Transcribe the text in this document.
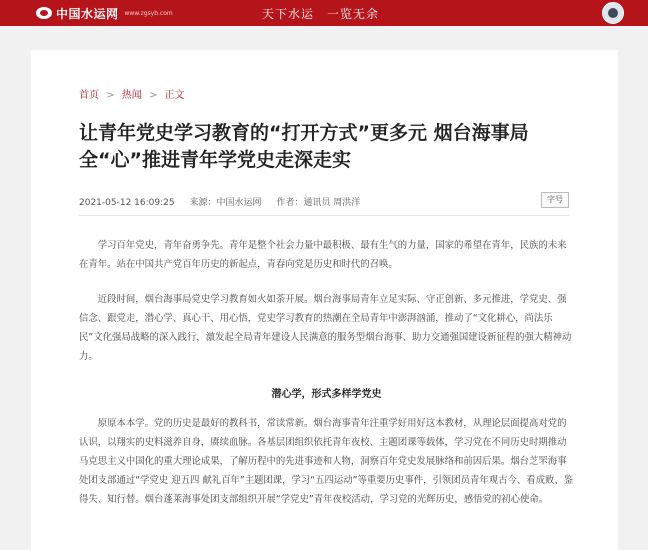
中国水运网 www.zgsyb.com	天下水运　一览无余
首页 > 热闻 > 正文
让青年党史学习教育的“打开方式”更多元 烟台海事局全“心”推进青年学党史走深走实
2021-05-12 16:09:25 来源：中国水运网 作者：通讯员 周洪洋	字号

学习百年党史，青年奋勇争先。青年是整个社会力量中最积极、最有生气的力量，国家的希望在青年，民族的未来在青年。站在中国共产党百年历史的新起点，青春向党是历史和时代的召唤。

近段时间，烟台海事局党史学习教育如火如荼开展。烟台海事局青年立足实际、守正创新、多元推进，学党史、强信念、跟党走，潜心学、真心干、用心悟，党史学习教育的热潮在全局青年中澎湃汹涌，推动了“文化耕心，尚法乐民”文化强局战略的深入践行，激发起全局青年建设人民满意的服务型烟台海事、助力交通强国建设新征程的强大精神动力。

潜心学，形式多样学党史

原原本本学。党的历史是最好的教科书，常读常新。烟台海事青年注重学好用好这本教材，从理论层面提高对党的认识，以翔实的史料滋养自身，赓续血脉。各基层团组织依托青年夜校、主题团课等载体，学习党在不同历史时期推动马克思主义中国化的重大理论成果，了解历程中的先进事迹和人物，洞察百年党史发展脉络和前因后果。烟台芝罘海事处团支部通过“学党史 迎五四 献礼百年”主题团课，学习“五四运动”等重要历史事件，引领团员青年观古今、看成败、鉴得失、知行替。烟台蓬莱海事处团支部组织开展“学党史”青年夜校活动，学习党的光辉历史，感悟党的初心使命。
